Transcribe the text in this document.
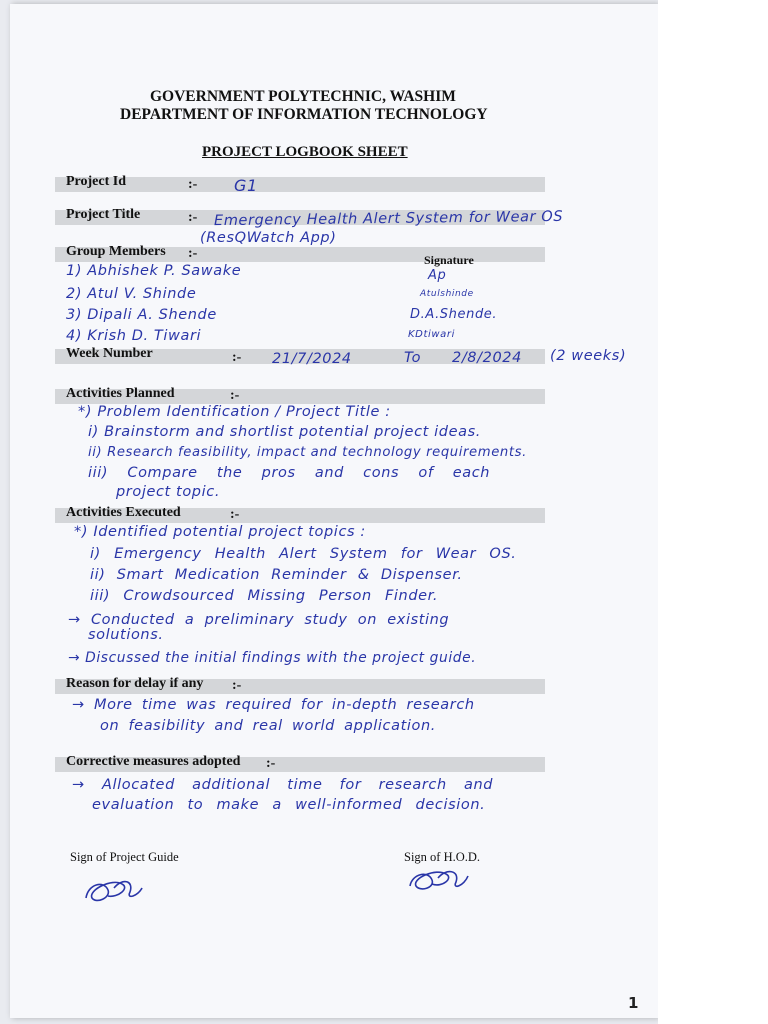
GOVERNMENT POLYTECHNIC, WASHIM
DEPARTMENT OF INFORMATION TECHNOLOGY
PROJECT LOGBOOK SHEET
Project Id	:- G1
Project Title	:- Emergency Health Alert System for Wear OS
(ResQWatch App)
Group Members :-	Signature
1) Abhishek P. Sawake	Ap
2) Atul V. Shinde	Atulshinde
3) Dipali A. Shende	D.A.Shende.
4) Krish D. Tiwari	KDtiwari
Week Number	:- 21/7/2024	To 2/8/2024 (2 weeks)
Activities Planned	:-
*) Problem Identification / Project Title :
i) Brainstorm and shortlist potential project ideas.
ii) Research feasibility, impact and technology requirements.
iii) Compare the pros and cons of each
project topic.
Activities Executed	:-
*) Identified potential project topics :
i) Emergency Health Alert System for Wear OS.
ii) Smart Medication Reminder & Dispenser.
iii) Crowdsourced Missing Person Finder.
→ Conducted a preliminary study on existing
solutions.
→ Discussed the initial findings with the project guide.
Reason for delay if any :-
→ More time was required for in-depth research
on feasibility and real world application.
Corrective measures adopted :-
→ Allocated additional time for research and
evaluation to make a well-informed decision.
Sign of Project Guide	Sign of H.O.D.
1
